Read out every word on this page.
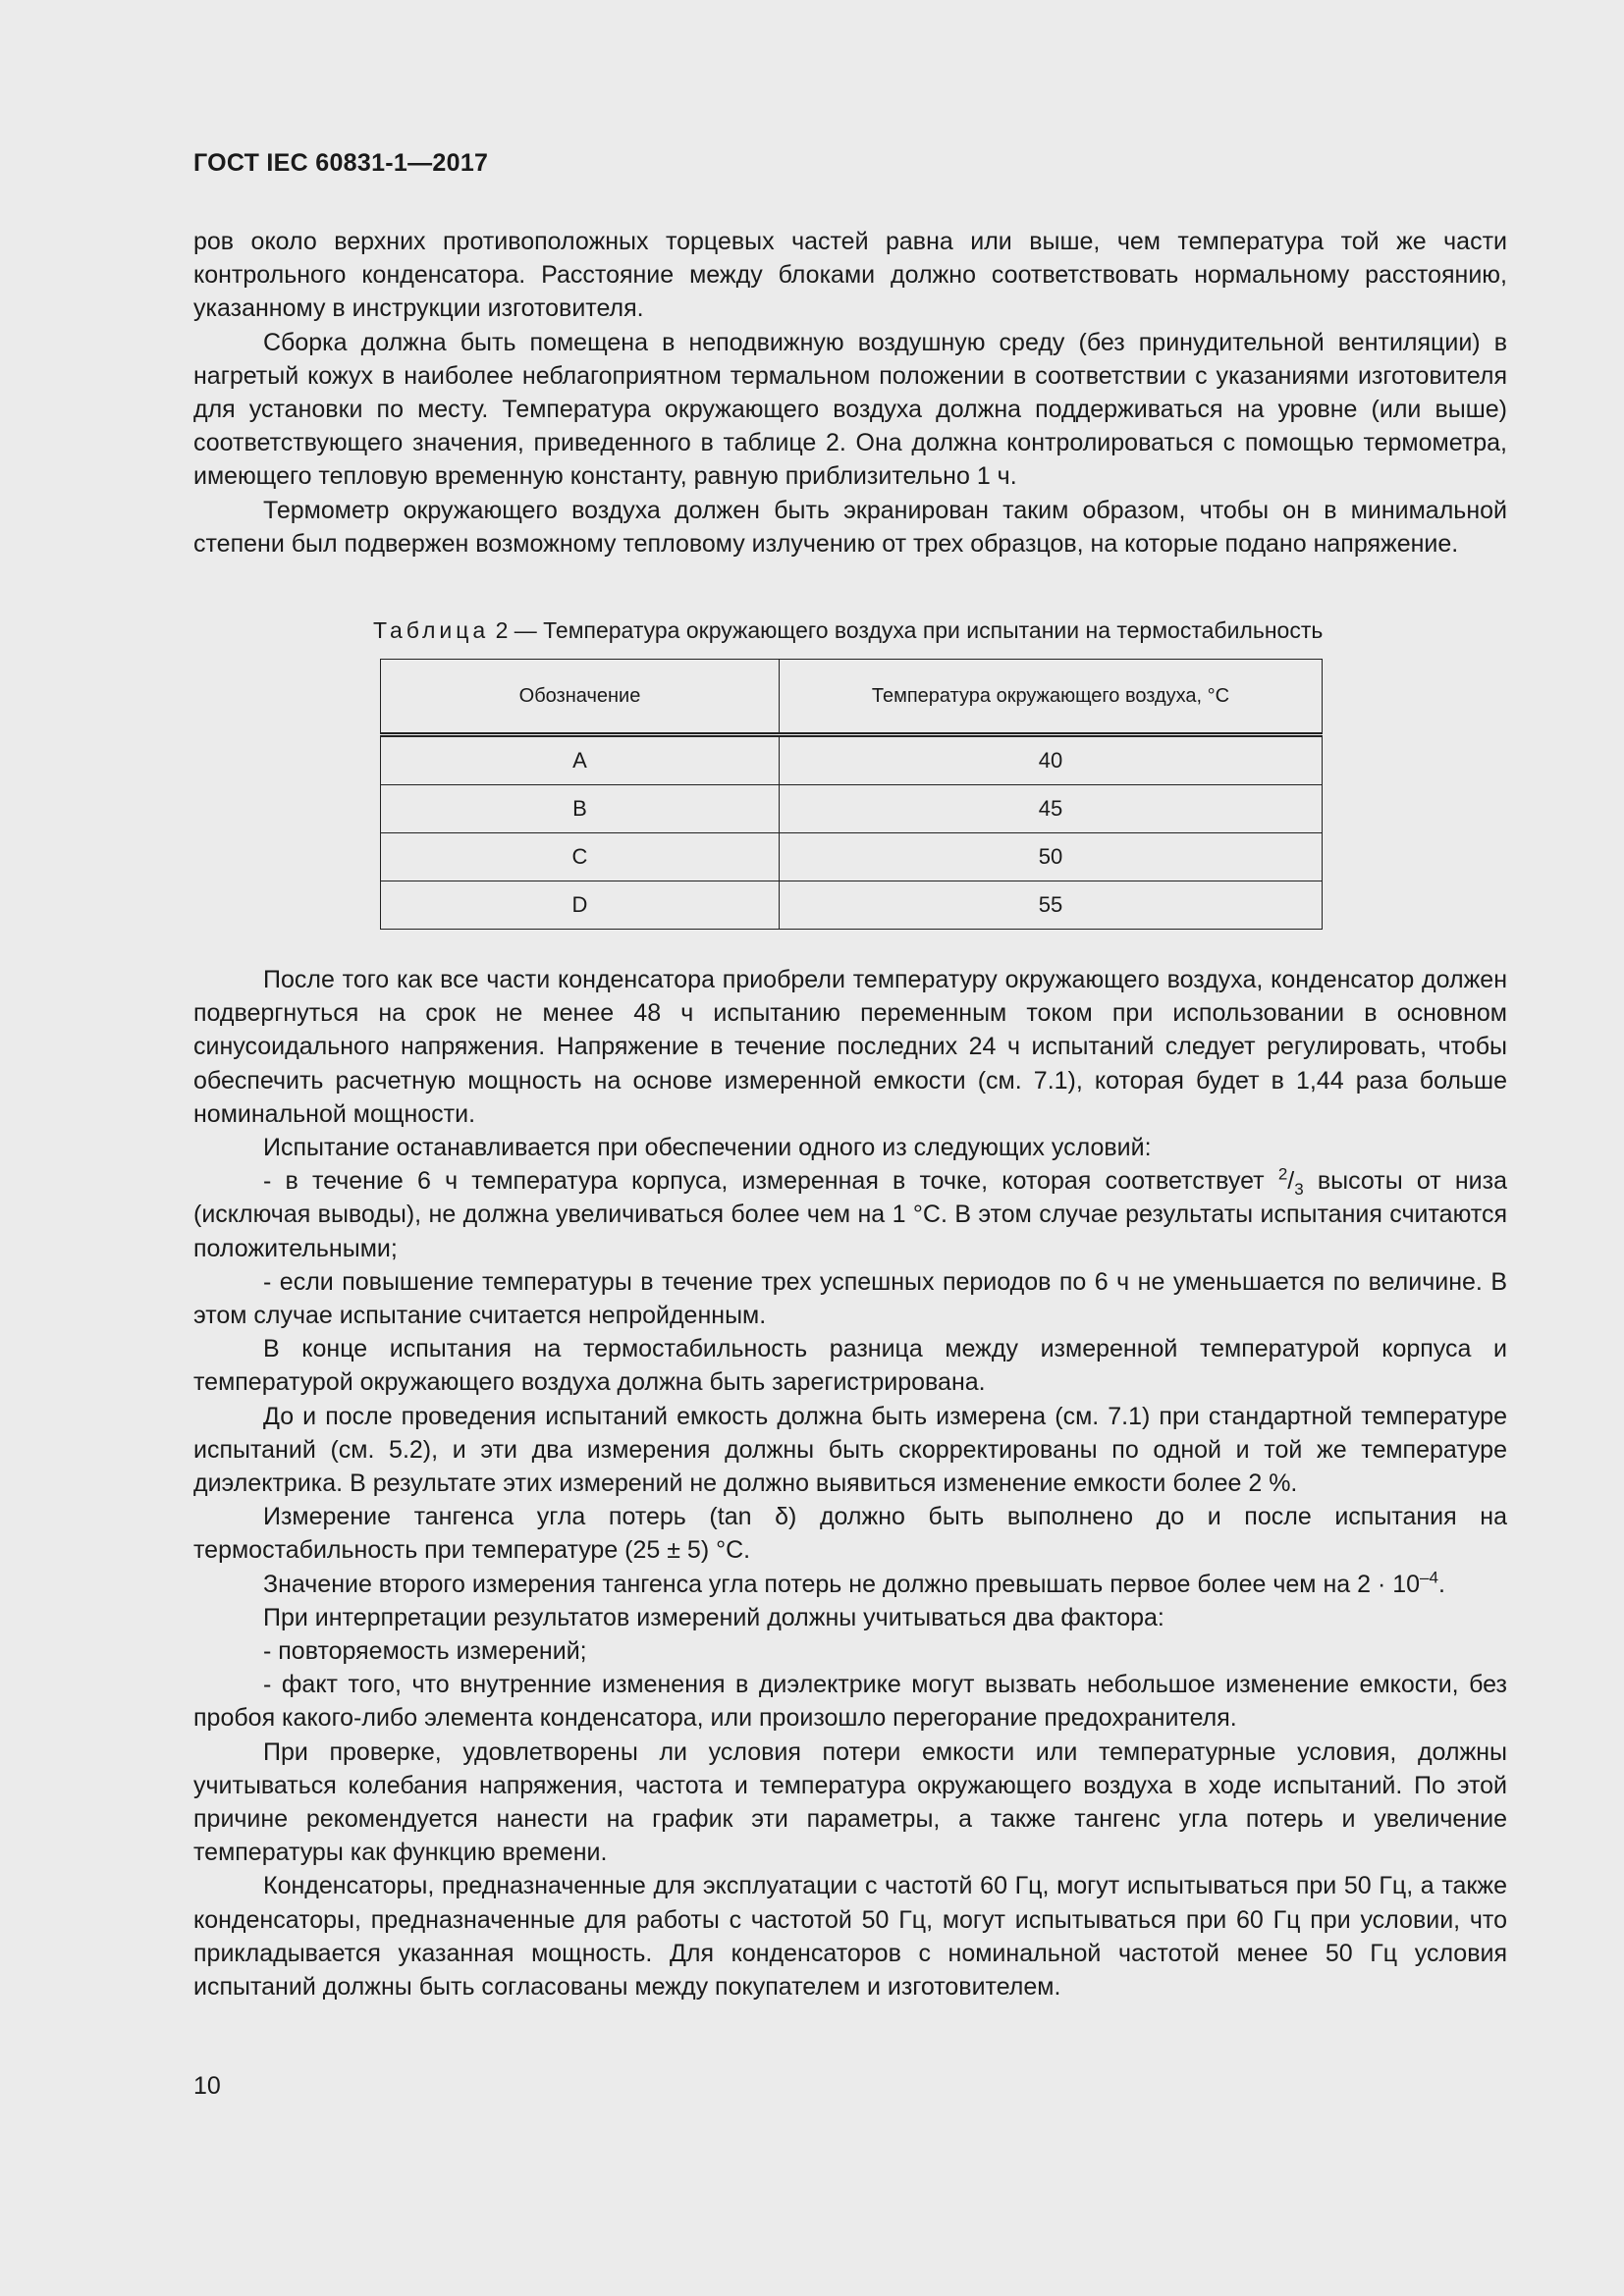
ГОСТ IEC 60831-1—2017

ров около верхних противоположных торцевых частей равна или выше, чем температура той же части контрольного конденсатора. Расстояние между блоками должно соответствовать нормальному расстоянию, указанному в инструкции изготовителя.

Сборка должна быть помещена в неподвижную воздушную среду (без принудительной вентиляции) в нагретый кожух в наиболее неблагоприятном термальном положении в соответствии с указаниями изготовителя для установки по месту. Температура окружающего воздуха должна поддерживаться на уровне (или выше) соответствующего значения, приведенного в таблице 2. Она должна контролироваться с помощью термометра, имеющего тепловую временную константу, равную приблизительно 1 ч.

Термометр окружающего воздуха должен быть экранирован таким образом, чтобы он в минимальной степени был подвержен возможному тепловому излучению от трех образцов, на которые подано напряжение.

Таблица 2 — Температура окружающего воздуха при испытании на термостабильность
Обозначение	Температура окружающего воздуха, °С
A	40
B	45
C	50
D	55

После того как все части конденсатора приобрели температуру окружающего воздуха, конденсатор должен подвергнуться на срок не менее 48 ч испытанию переменным током при использовании в основном синусоидального напряжения. Напряжение в течение последних 24 ч испытаний следует регулировать, чтобы обеспечить расчетную мощность на основе измеренной емкости (см. 7.1), которая будет в 1,44 раза больше номинальной мощности.

Испытание останавливается при обеспечении одного из следующих условий:

- в течение 6 ч температура корпуса, измеренная в точке, которая соответствует $^2/_3$ высоты от низа (исключая выводы), не должна увеличиваться более чем на 1 °С. В этом случае результаты испытания считаются положительными;

- если повышение температуры в течение трех успешных периодов по 6 ч не уменьшается по величине. В этом случае испытание считается непройденным.

В конце испытания на термостабильность разница между измеренной температурой корпуса и температурой окружающего воздуха должна быть зарегистрирована.

До и после проведения испытаний емкость должна быть измерена (см. 7.1) при стандартной температуре испытаний (см. 5.2), и эти два измерения должны быть скорректированы по одной и той же температуре диэлектрика. В результате этих измерений не должно выявиться изменение емкости более 2 %.

Измерение тангенса угла потерь (tan δ) должно быть выполнено до и после испытания на термостабильность при температуре (25 ± 5) °С.

Значение второго измерения тангенса угла потерь не должно превышать первое более чем на $2 \cdot 10^{-4}$.

При интерпретации результатов измерений должны учитываться два фактора:

- повторяемость измерений;

- факт того, что внутренние изменения в диэлектрике могут вызвать небольшое изменение емкости, без пробоя какого-либо элемента конденсатора, или произошло перегорание предохранителя.

При проверке, удовлетворены ли условия потери емкости или температурные условия, должны учитываться колебания напряжения, частота и температура окружающего воздуха в ходе испытаний. По этой причине рекомендуется нанести на график эти параметры, а также тангенс угла потерь и увеличение температуры как функцию времени.

Конденсаторы, предназначенные для эксплуатации с частотй 60 Гц, могут испытываться при 50 Гц, а также конденсаторы, предназначенные для работы с частотой 50 Гц, могут испытываться при 60 Гц при условии, что прикладывается указанная мощность. Для конденсаторов с номинальной частотой менее 50 Гц условия испытаний должны быть согласованы между покупателем и изготовителем.

10
